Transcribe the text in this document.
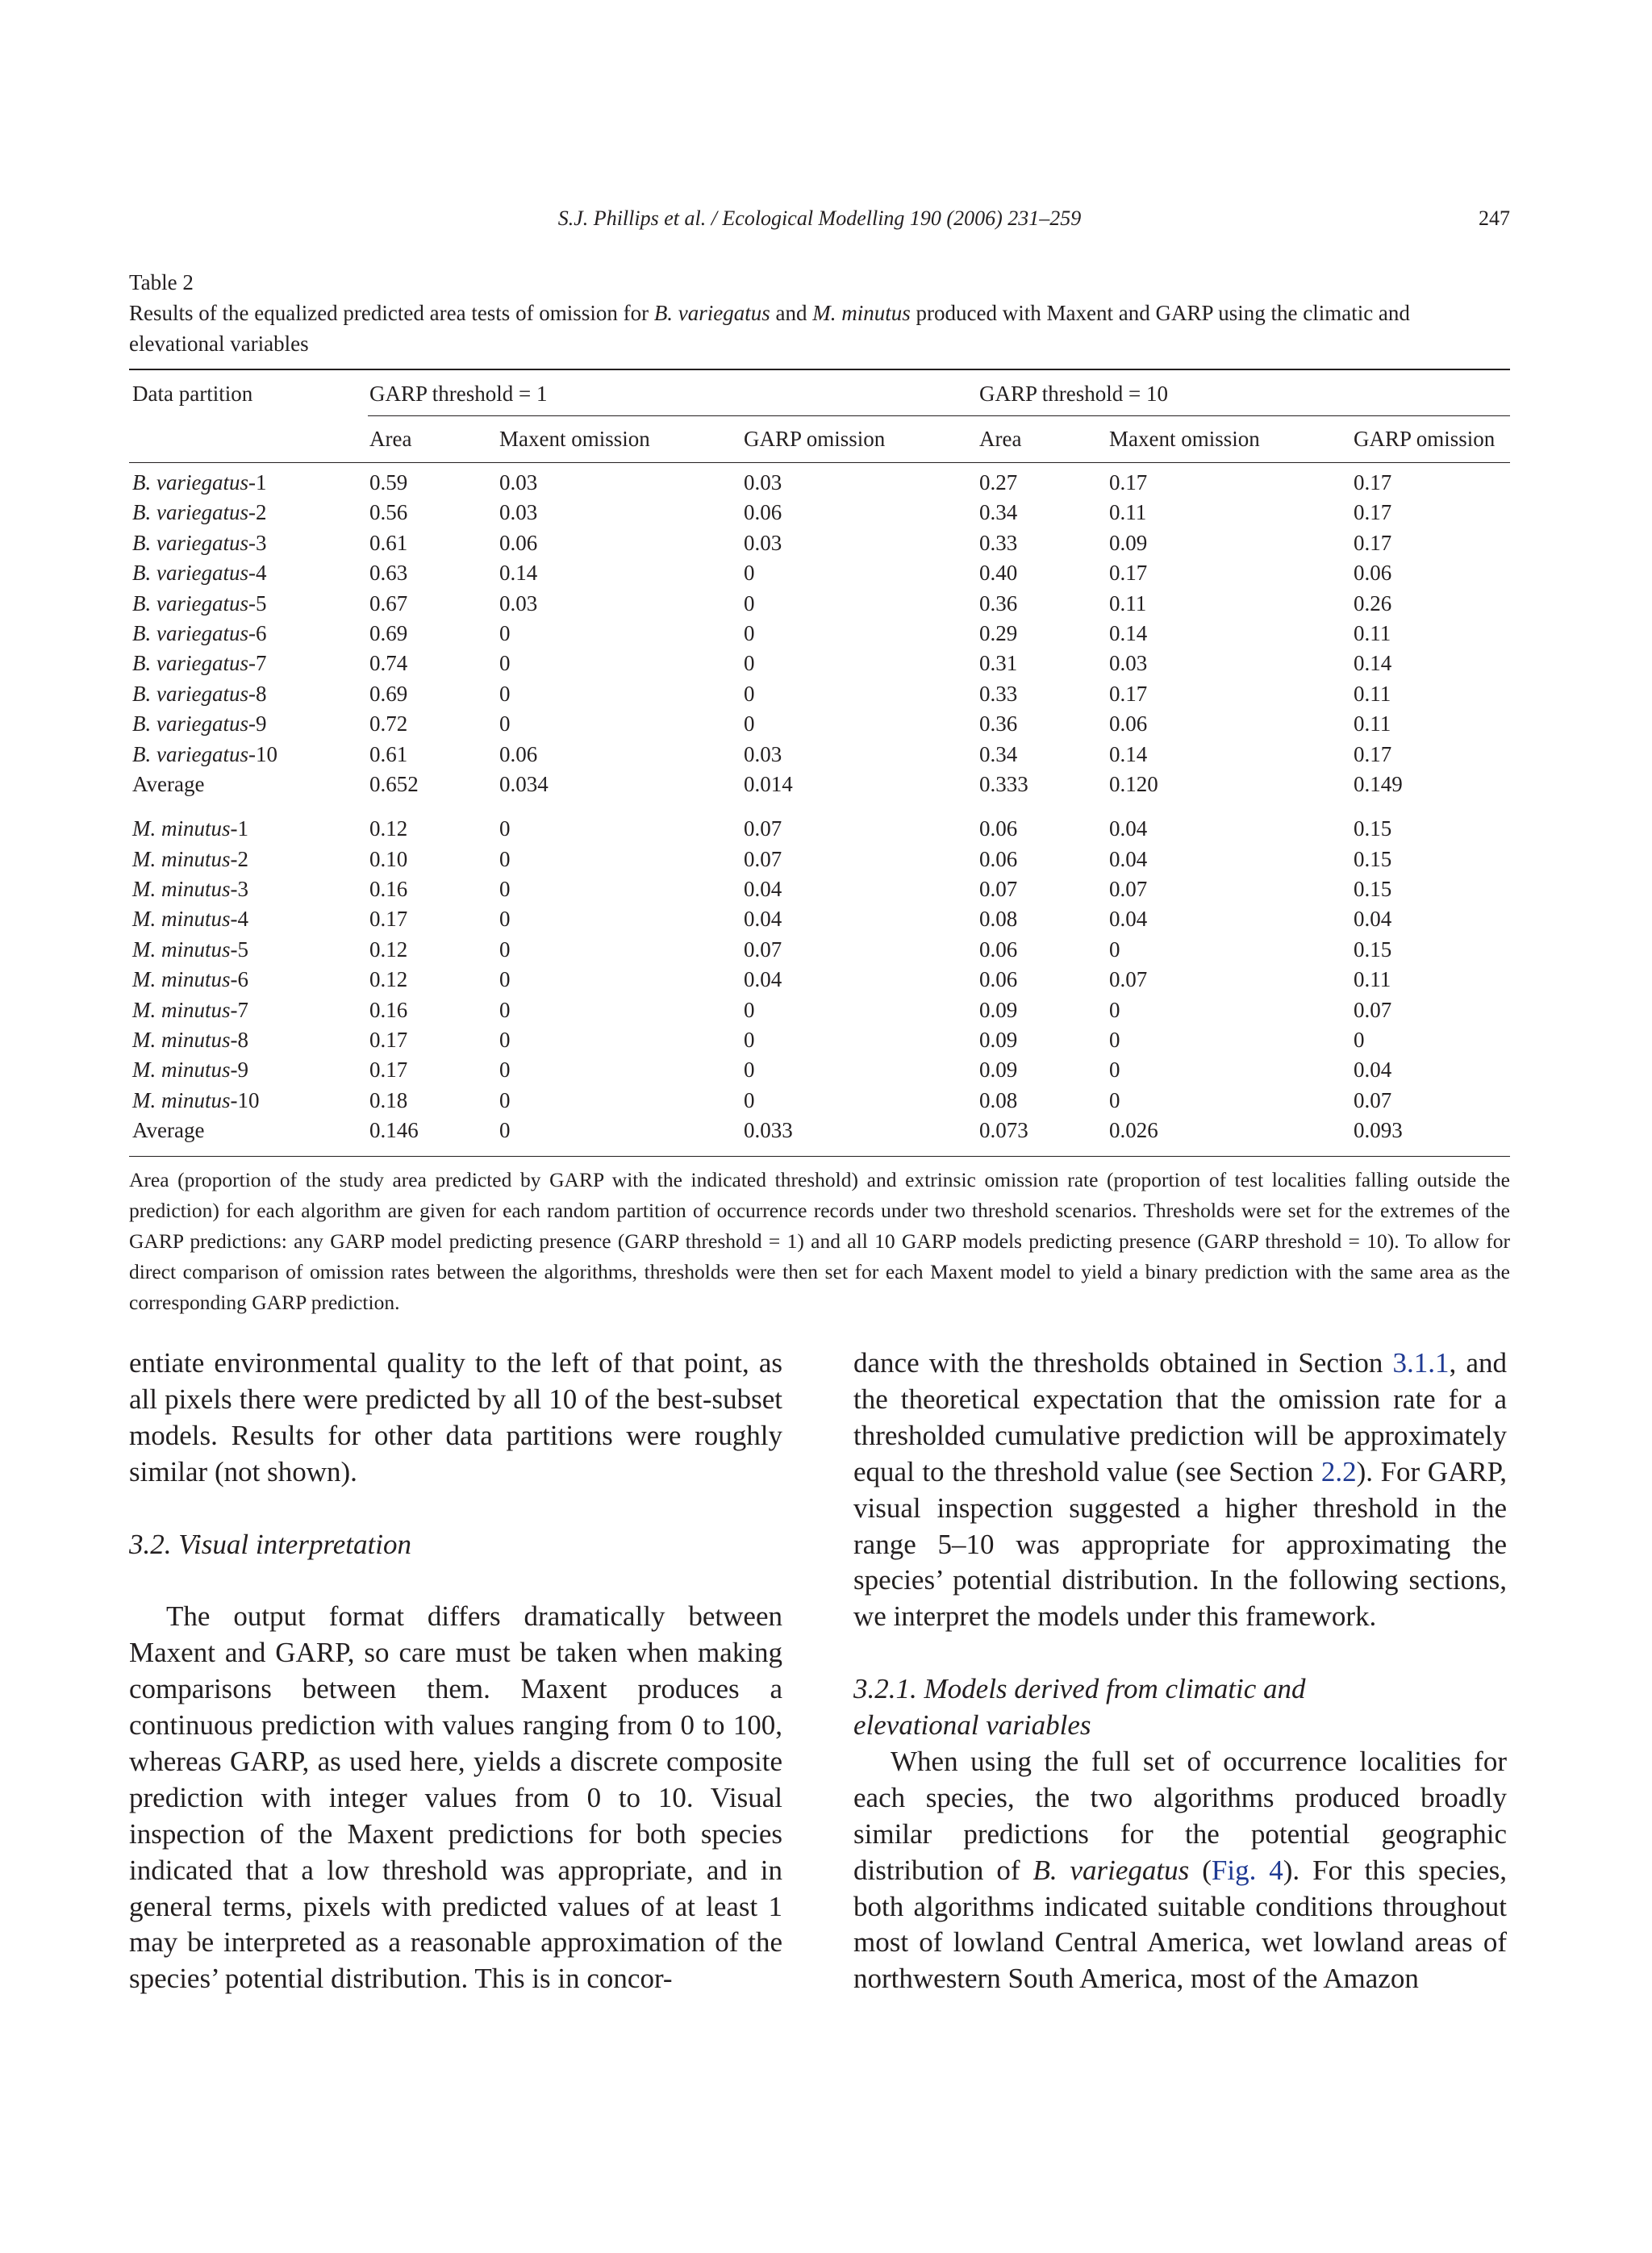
S.J. Phillips et al. / Ecological Modelling 190 (2006) 231–259	247
Table 2
Results of the equalized predicted area tests of omission for B. variegatus and M. minutus produced with Maxent and GARP using the climatic and elevational variables
Data partition	GARP threshold = 1	GARP threshold = 10
Area	Maxent omission	GARP omission	Area	Maxent omission	GARP omission
B. variegatus-1	0.59	0.03	0.03	0.27	0.17	0.17
B. variegatus-2	0.56	0.03	0.06	0.34	0.11	0.17
B. variegatus-3	0.61	0.06	0.03	0.33	0.09	0.17
B. variegatus-4	0.63	0.14	0	0.40	0.17	0.06
B. variegatus-5	0.67	0.03	0	0.36	0.11	0.26
B. variegatus-6	0.69	0	0	0.29	0.14	0.11
B. variegatus-7	0.74	0	0	0.31	0.03	0.14
B. variegatus-8	0.69	0	0	0.33	0.17	0.11
B. variegatus-9	0.72	0	0	0.36	0.06	0.11
B. variegatus-10	0.61	0.06	0.03	0.34	0.14	0.17
Average	0.652	0.034	0.014	0.333	0.120	0.149
M. minutus-1	0.12	0	0.07	0.06	0.04	0.15
M. minutus-2	0.10	0	0.07	0.06	0.04	0.15
M. minutus-3	0.16	0	0.04	0.07	0.07	0.15
M. minutus-4	0.17	0	0.04	0.08	0.04	0.04
M. minutus-5	0.12	0	0.07	0.06	0	0.15
M. minutus-6	0.12	0	0.04	0.06	0.07	0.11
M. minutus-7	0.16	0	0	0.09	0	0.07
M. minutus-8	0.17	0	0	0.09	0	0
M. minutus-9	0.17	0	0	0.09	0	0.04
M. minutus-10	0.18	0	0	0.08	0	0.07
Average	0.146	0	0.033	0.073	0.026	0.093
Area (proportion of the study area predicted by GARP with the indicated threshold) and extrinsic omission rate (proportion of test localities falling outside the prediction) for each algorithm are given for each random partition of occurrence records under two threshold scenarios. Thresholds were set for the extremes of the GARP predictions: any GARP model predicting presence (GARP threshold = 1) and all 10 GARP models predicting presence (GARP threshold = 10). To allow for direct comparison of omission rates between the algorithms, thresholds were then set for each Maxent model to yield a binary prediction with the same area as the corresponding GARP prediction.

entiate environmental quality to the left of that point, as all pixels there were predicted by all 10 of the best-subset models. Results for other data partitions were roughly similar (not shown).

3.2. Visual interpretation

The output format differs dramatically between Maxent and GARP, so care must be taken when making comparisons between them. Maxent produces a continuous prediction with values ranging from 0 to 100, whereas GARP, as used here, yields a discrete composite prediction with integer values from 0 to 10. Visual inspection of the Maxent predictions for both species indicated that a low threshold was appropriate, and in general terms, pixels with predicted values of at least 1 may be interpreted as a reasonable approximation of the species’ potential distribution. This is in concor-

dance with the thresholds obtained in Section 3.1.1, and the theoretical expectation that the omission rate for a thresholded cumulative prediction will be approximately equal to the threshold value (see Section 2.2). For GARP, visual inspection suggested a higher threshold in the range 5–10 was appropriate for approximating the species’ potential distribution. In the following sections, we interpret the models under this framework.

3.2.1. Models derived from climatic and
elevational variables

When using the full set of occurrence localities for each species, the two algorithms produced broadly similar predictions for the potential geographic distribution of B. variegatus (Fig. 4). For this species, both algorithms indicated suitable conditions throughout most of lowland Central America, wet lowland areas of northwestern South America, most of the Amazon
